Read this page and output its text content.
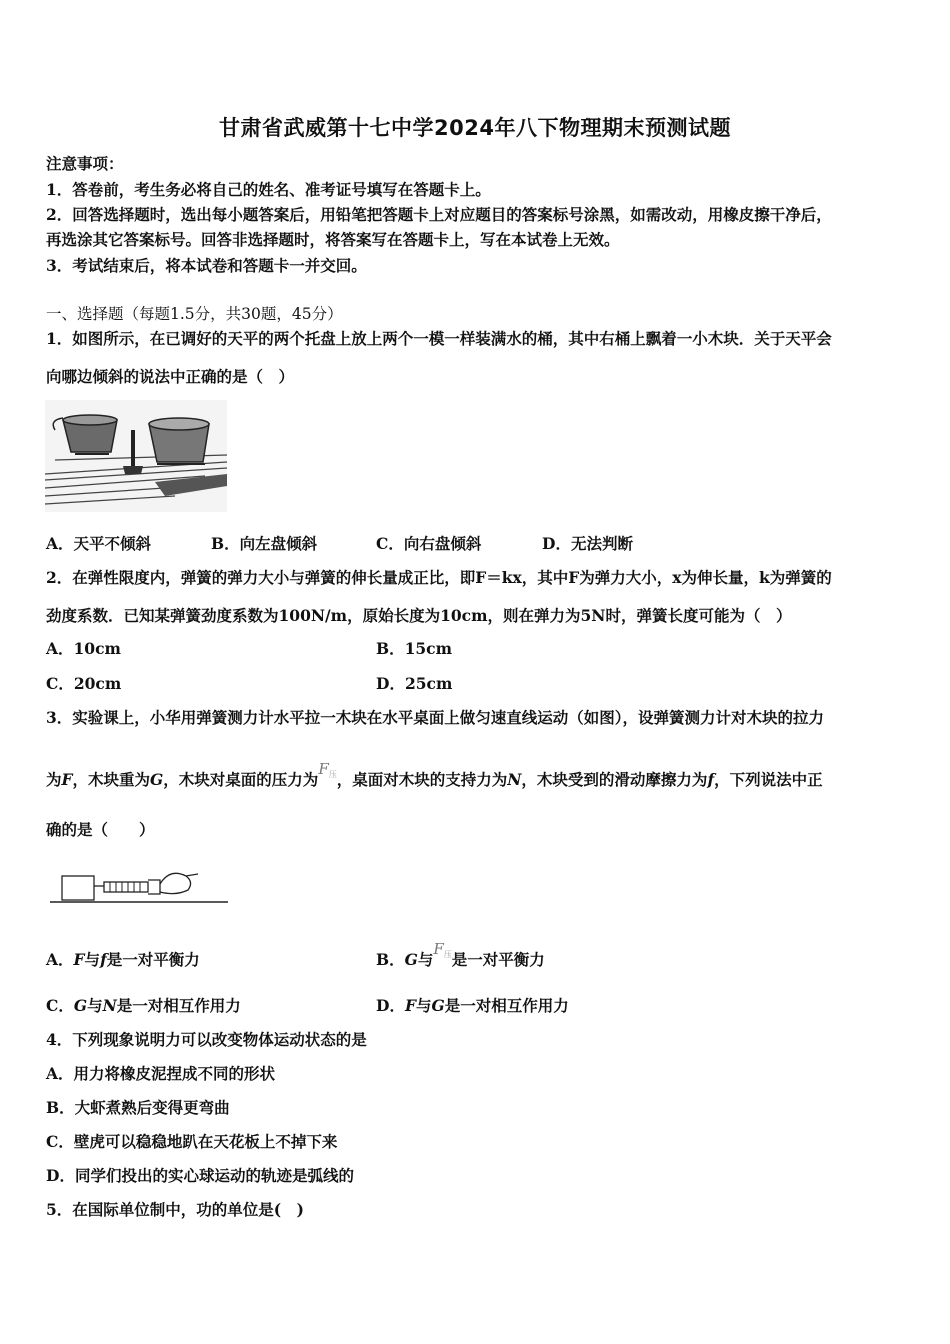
甘肃省武威第十七中学2024年八下物理期末预测试题
注意事项：
1．答卷前，考生务必将自己的姓名、准考证号填写在答题卡上。
2．回答选择题时，选出每小题答案后，用铅笔把答题卡上对应题目的答案标号涂黑，如需改动，用橡皮擦干净后，
再选涂其它答案标号。回答非选择题时，将答案写在答题卡上，写在本试卷上无效。
3．考试结束后，将本试卷和答题卡一并交回。
一、选择题（每题1.5分，共30题，45分）
1．如图所示，在已调好的天平的两个托盘上放上两个一模一样装满水的桶，其中右桶上飘着一小木块．关于天平会
向哪边倾斜的说法中正确的是（　）
A．天平不倾斜	B．向左盘倾斜	C．向右盘倾斜	D．无法判断
2．在弹性限度内，弹簧的弹力大小与弹簧的伸长量成正比，即F＝kx，其中F为弹力大小，x为伸长量，k为弹簧的
劲度系数．已知某弹簧劲度系数为100N/m，原始长度为10cm，则在弹力为5N时，弹簧长度可能为（　）
A．10cm	B．15cm
C．20cm	D．25cm
3．实验课上，小华用弹簧测力计水平拉一木块在水平桌面上做匀速直线运动（如图），设弹簧测力计对木块的拉力
为F，木块重为G，木块对桌面的压力为$F_压$，桌面对木块的支持力为N，木块受到的滑动摩擦力为f，下列说法中正
确的是（　　）
A．F与f是一对平衡力	B．G与$F_压$是一对平衡力
C．G与N是一对相互作用力	D．F与G是一对相互作用力
4．下列现象说明力可以改变物体运动状态的是
A．用力将橡皮泥捏成不同的形状
B．大虾煮熟后变得更弯曲
C．壁虎可以稳稳地趴在天花板上不掉下来
D．同学们投出的实心球运动的轨迹是弧线的
5．在国际单位制中，功的单位是(　)
